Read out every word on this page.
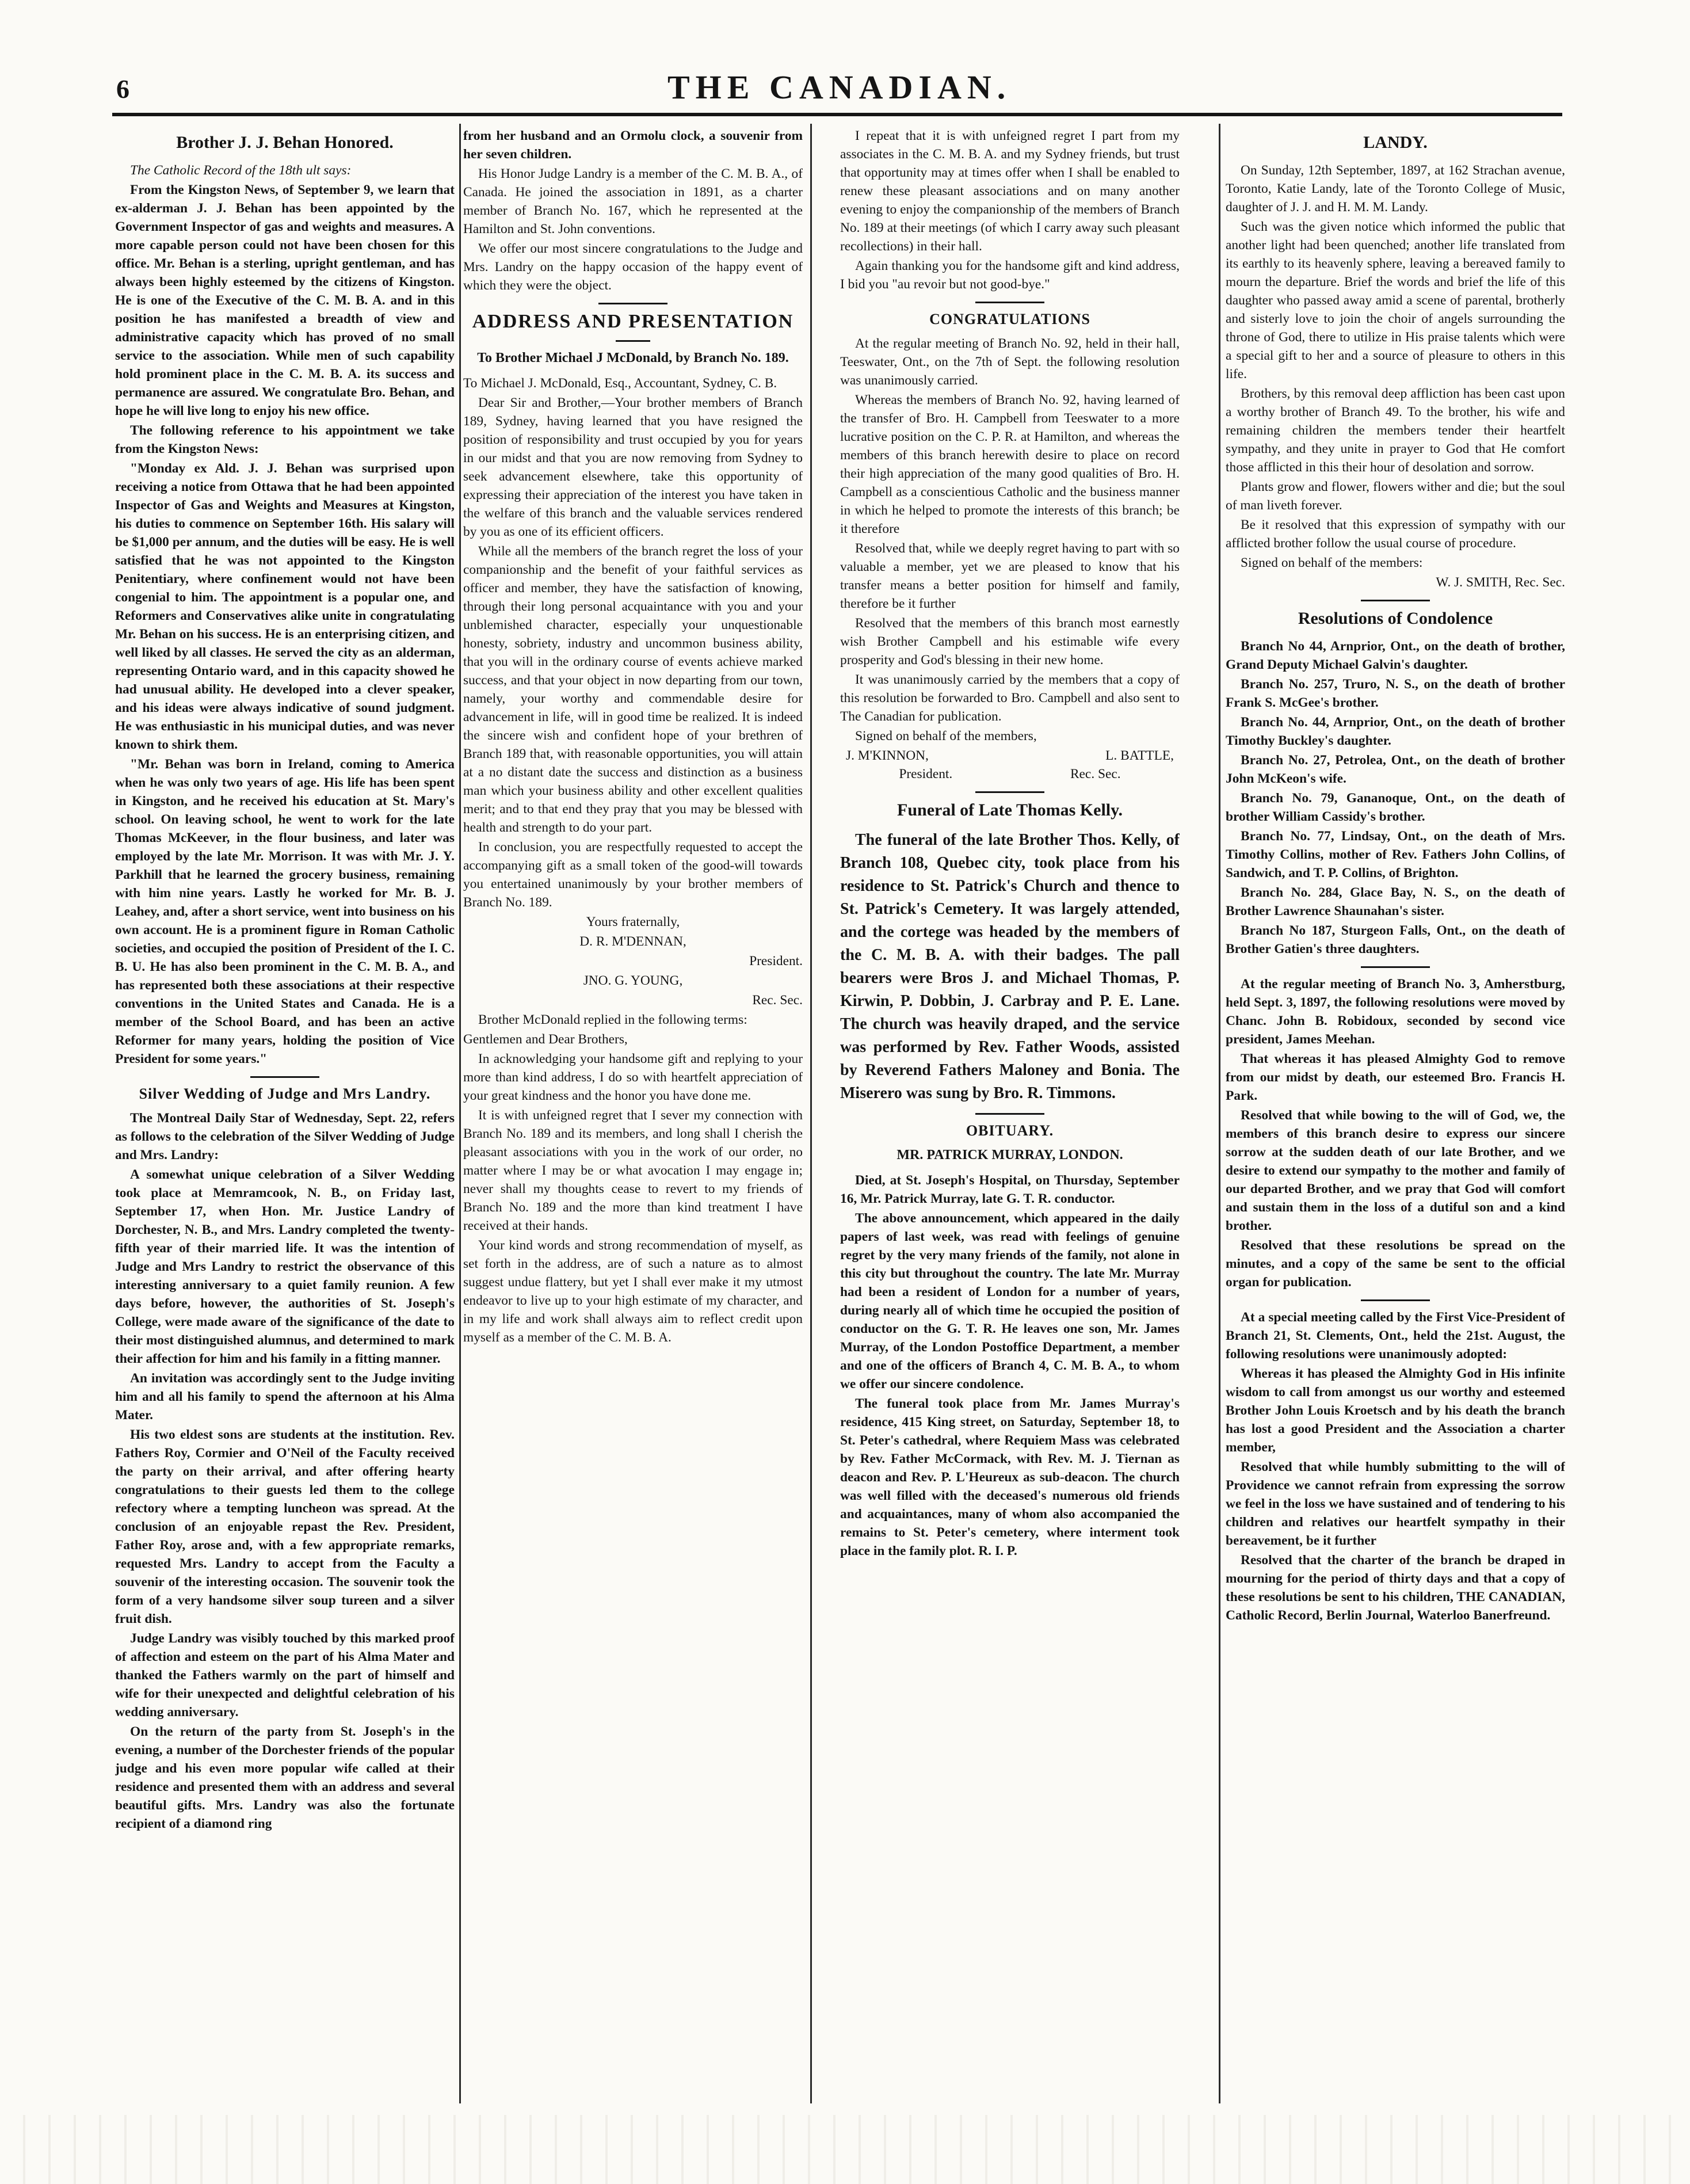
6	THE CANADIAN.
Brother J. J. Behan Honored.

The Catholic Record of the 18th ult says:

From the Kingston News, of September 9, we learn that ex-alderman J. J. Behan has been appointed by the Government Inspector of gas and weights and measures. A more capable person could not have been chosen for this office. Mr. Behan is a sterling, upright gentleman, and has always been highly esteemed by the citizens of Kingston. He is one of the Executive of the C. M. B. A. and in this position he has manifested a breadth of view and administrative capacity which has proved of no small service to the association. While men of such capability hold prominent place in the C. M. B. A. its success and permanence are assured. We congratulate Bro. Behan, and hope he will live long to enjoy his new office.

The following reference to his appointment we take from the Kingston News:

"Monday ex Ald. J. J. Behan was surprised upon receiving a notice from Ottawa that he had been appointed Inspector of Gas and Weights and Measures at Kingston, his duties to commence on September 16th. His salary will be $1,000 per annum, and the duties will be easy. He is well satisfied that he was not appointed to the Kingston Penitentiary, where confinement would not have been congenial to him. The appointment is a popular one, and Reformers and Conservatives alike unite in congratulating Mr. Behan on his success. He is an enterprising citizen, and well liked by all classes. He served the city as an alderman, representing Ontario ward, and in this capacity showed he had unusual ability. He developed into a clever speaker, and his ideas were always indicative of sound judgment. He was enthusiastic in his municipal duties, and was never known to shirk them.

"Mr. Behan was born in Ireland, coming to America when he was only two years of age. His life has been spent in Kingston, and he received his education at St. Mary's school. On leaving school, he went to work for the late Thomas McKeever, in the flour business, and later was employed by the late Mr. Morrison. It was with Mr. J. Y. Parkhill that he learned the grocery business, remaining with him nine years. Lastly he worked for Mr. B. J. Leahey, and, after a short service, went into business on his own account. He is a prominent figure in Roman Catholic societies, and occupied the position of President of the I. C. B. U. He has also been prominent in the C. M. B. A., and has represented both these associations at their respective conventions in the United States and Canada. He is a member of the School Board, and has been an active Reformer for many years, holding the position of Vice President for some years."

Silver Wedding of Judge and Mrs Landry.

The Montreal Daily Star of Wednesday, Sept. 22, refers as follows to the celebration of the Silver Wedding of Judge and Mrs. Landry:

A somewhat unique celebration of a Silver Wedding took place at Memramcook, N. B., on Friday last, September 17, when Hon. Mr. Justice Landry of Dorchester, N. B., and Mrs. Landry completed the twenty-fifth year of their married life. It was the intention of Judge and Mrs Landry to restrict the observance of this interesting anniversary to a quiet family reunion. A few days before, however, the authorities of St. Joseph's College, were made aware of the significance of the date to their most distinguished alumnus, and determined to mark their affection for him and his family in a fitting manner.

An invitation was accordingly sent to the Judge inviting him and all his family to spend the afternoon at his Alma Mater.

His two eldest sons are students at the institution. Rev. Fathers Roy, Cormier and O'Neil of the Faculty received the party on their arrival, and after offering hearty congratulations to their guests led them to the college refectory where a tempting luncheon was spread. At the conclusion of an enjoyable repast the Rev. President, Father Roy, arose and, with a few appropriate remarks, requested Mrs. Landry to accept from the Faculty a souvenir of the interesting occasion. The souvenir took the form of a very handsome silver soup tureen and a silver fruit dish.

Judge Landry was visibly touched by this marked proof of affection and esteem on the part of his Alma Mater and thanked the Fathers warmly on the part of himself and wife for their unexpected and delightful celebration of his wedding anniversary.

On the return of the party from St. Joseph's in the evening, a number of the Dorchester friends of the popular judge and his even more popular wife called at their residence and presented them with an address and several beautiful gifts. Mrs. Landry was also the fortunate recipient of a diamond ring

from her husband and an Ormolu clock, a souvenir from her seven children.

His Honor Judge Landry is a member of the C. M. B. A., of Canada. He joined the association in 1891, as a charter member of Branch No. 167, which he represented at the Hamilton and St. John conventions.

We offer our most sincere congratulations to the Judge and Mrs. Landry on the happy occasion of the happy event of which they were the object.

ADDRESS AND PRESENTATION
To Brother Michael J McDonald, by Branch No. 189.

To Michael J. McDonald, Esq., Accountant, Sydney, C. B.

Dear Sir and Brother,—Your brother members of Branch 189, Sydney, having learned that you have resigned the position of responsibility and trust occupied by you for years in our midst and that you are now removing from Sydney to seek advancement elsewhere, take this opportunity of expressing their appreciation of the interest you have taken in the welfare of this branch and the valuable services rendered by you as one of its efficient officers.

While all the members of the branch regret the loss of your companionship and the benefit of your faithful services as officer and member, they have the satisfaction of knowing, through their long personal acquaintance with you and your unblemished character, especially your unquestionable honesty, sobriety, industry and uncommon business ability, that you will in the ordinary course of events achieve marked success, and that your object in now departing from our town, namely, your worthy and commendable desire for advancement in life, will in good time be realized. It is indeed the sincere wish and confident hope of your brethren of Branch 189 that, with reasonable opportunities, you will attain at a no distant date the success and distinction as a business man which your business ability and other excellent qualities merit; and to that end they pray that you may be blessed with health and strength to do your part.

In conclusion, you are respectfully requested to accept the accompanying gift as a small token of the good-will towards you entertained unanimously by your brother members of Branch No. 189.

Yours fraternally,

D. R. M'DENNAN,

President.

JNO. G. YOUNG,

Rec. Sec.

Brother McDonald replied in the following terms:

Gentlemen and Dear Brothers,

In acknowledging your handsome gift and replying to your more than kind address, I do so with heartfelt appreciation of your great kindness and the honor you have done me.

It is with unfeigned regret that I sever my connection with Branch No. 189 and its members, and long shall I cherish the pleasant associations with you in the work of our order, no matter where I may be or what avocation I may engage in; never shall my thoughts cease to revert to my friends of Branch No. 189 and the more than kind treatment I have received at their hands.

Your kind words and strong recommendation of myself, as set forth in the address, are of such a nature as to almost suggest undue flattery, but yet I shall ever make it my utmost endeavor to live up to your high estimate of my character, and in my life and work shall always aim to reflect credit upon myself as a member of the C. M. B. A.

I repeat that it is with unfeigned regret I part from my associates in the C. M. B. A. and my Sydney friends, but trust that opportunity may at times offer when I shall be enabled to renew these pleasant associations and on many another evening to enjoy the companionship of the members of Branch No. 189 at their meetings (of which I carry away such pleasant recollections) in their hall.

Again thanking you for the handsome gift and kind address, I bid you "au revoir but not good-bye."

CONGRATULATIONS

At the regular meeting of Branch No. 92, held in their hall, Teeswater, Ont., on the 7th of Sept. the following resolution was unanimously carried.

Whereas the members of Branch No. 92, having learned of the transfer of Bro. H. Campbell from Teeswater to a more lucrative position on the C. P. R. at Hamilton, and whereas the members of this branch herewith desire to place on record their high appreciation of the many good qualities of Bro. H. Campbell as a conscientious Catholic and the business manner in which he helped to promote the interests of this branch; be it therefore

Resolved that, while we deeply regret having to part with so valuable a member, yet we are pleased to know that his transfer means a better position for himself and family, therefore be it further

Resolved that the members of this branch most earnestly wish Brother Campbell and his estimable wife every prosperity and God's blessing in their new home.

It was unanimously carried by the members that a copy of this resolution be forwarded to Bro. Campbell and also sent to The Canadian for publication.

Signed on behalf of the members,

J. M'KINNON,	L. BATTLE,
President.	Rec. Sec.
Funeral of Late Thomas Kelly.

The funeral of the late Brother Thos. Kelly, of Branch 108, Quebec city, took place from his residence to St. Patrick's Church and thence to St. Patrick's Cemetery. It was largely attended, and the cortege was headed by the members of the C. M. B. A. with their badges. The pall bearers were Bros J. and Michael Thomas, P. Kirwin, P. Dobbin, J. Carbray and P. E. Lane. The church was heavily draped, and the service was performed by Rev. Father Woods, assisted by Reverend Fathers Maloney and Bonia. The Miserero was sung by Bro. R. Timmons.

OBITUARY.
MR. PATRICK MURRAY, LONDON.

Died, at St. Joseph's Hospital, on Thursday, September 16, Mr. Patrick Murray, late G. T. R. conductor.

The above announcement, which appeared in the daily papers of last week, was read with feelings of genuine regret by the very many friends of the family, not alone in this city but throughout the country. The late Mr. Murray had been a resident of London for a number of years, during nearly all of which time he occupied the position of conductor on the G. T. R. He leaves one son, Mr. James Murray, of the London Postoffice Department, a member and one of the officers of Branch 4, C. M. B. A., to whom we offer our sincere condolence.

The funeral took place from Mr. James Murray's residence, 415 King street, on Saturday, September 18, to St. Peter's cathedral, where Requiem Mass was celebrated by Rev. Father McCormack, with Rev. M. J. Tiernan as deacon and Rev. P. L'Heureux as sub-deacon. The church was well filled with the deceased's numerous old friends and acquaintances, many of whom also accompanied the remains to St. Peter's cemetery, where interment took place in the family plot. R. I. P.

LANDY.

On Sunday, 12th September, 1897, at 162 Strachan avenue, Toronto, Katie Landy, late of the Toronto College of Music, daughter of J. J. and H. M. M. Landy.

Such was the given notice which informed the public that another light had been quenched; another life translated from its earthly to its heavenly sphere, leaving a bereaved family to mourn the departure. Brief the words and brief the life of this daughter who passed away amid a scene of parental, brotherly and sisterly love to join the choir of angels surrounding the throne of God, there to utilize in His praise talents which were a special gift to her and a source of pleasure to others in this life.

Brothers, by this removal deep affliction has been cast upon a worthy brother of Branch 49. To the brother, his wife and remaining children the members tender their heartfelt sympathy, and they unite in prayer to God that He comfort those afflicted in this their hour of desolation and sorrow.

Plants grow and flower, flowers wither and die; but the soul of man liveth forever.

Be it resolved that this expression of sympathy with our afflicted brother follow the usual course of procedure.

Signed on behalf of the members:

W. J. SMITH, Rec. Sec.

Resolutions of Condolence

Branch No 44, Arnprior, Ont., on the death of brother, Grand Deputy Michael Galvin's daughter.

Branch No. 257, Truro, N. S., on the death of brother Frank S. McGee's brother.

Branch No. 44, Arnprior, Ont., on the death of brother Timothy Buckley's daughter.

Branch No. 27, Petrolea, Ont., on the death of brother John McKeon's wife.

Branch No. 79, Gananoque, Ont., on the death of brother William Cassidy's brother.

Branch No. 77, Lindsay, Ont., on the death of Mrs. Timothy Collins, mother of Rev. Fathers John Collins, of Sandwich, and T. P. Collins, of Brighton.

Branch No. 284, Glace Bay, N. S., on the death of Brother Lawrence Shaunahan's sister.

Branch No 187, Sturgeon Falls, Ont., on the death of Brother Gatien's three daughters.

At the regular meeting of Branch No. 3, Amherstburg, held Sept. 3, 1897, the following resolutions were moved by Chanc. John B. Robidoux, seconded by second vice president, James Meehan.

That whereas it has pleased Almighty God to remove from our midst by death, our esteemed Bro. Francis H. Park.

Resolved that while bowing to the will of God, we, the members of this branch desire to express our sincere sorrow at the sudden death of our late Brother, and we desire to extend our sympathy to the mother and family of our departed Brother, and we pray that God will comfort and sustain them in the loss of a dutiful son and a kind brother.

Resolved that these resolutions be spread on the minutes, and a copy of the same be sent to the official organ for publication.

At a special meeting called by the First Vice-President of Branch 21, St. Clements, Ont., held the 21st. August, the following resolutions were unanimously adopted:

Whereas it has pleased the Almighty God in His infinite wisdom to call from amongst us our worthy and esteemed Brother John Louis Kroetsch and by his death the branch has lost a good President and the Association a charter member,

Resolved that while humbly submitting to the will of Providence we cannot refrain from expressing the sorrow we feel in the loss we have sustained and of tendering to his children and relatives our heartfelt sympathy in their bereavement, be it further

Resolved that the charter of the branch be draped in mourning for the period of thirty days and that a copy of these resolutions be sent to his children, THE CANADIAN, Catholic Record, Berlin Journal, Waterloo Banerfreund.
